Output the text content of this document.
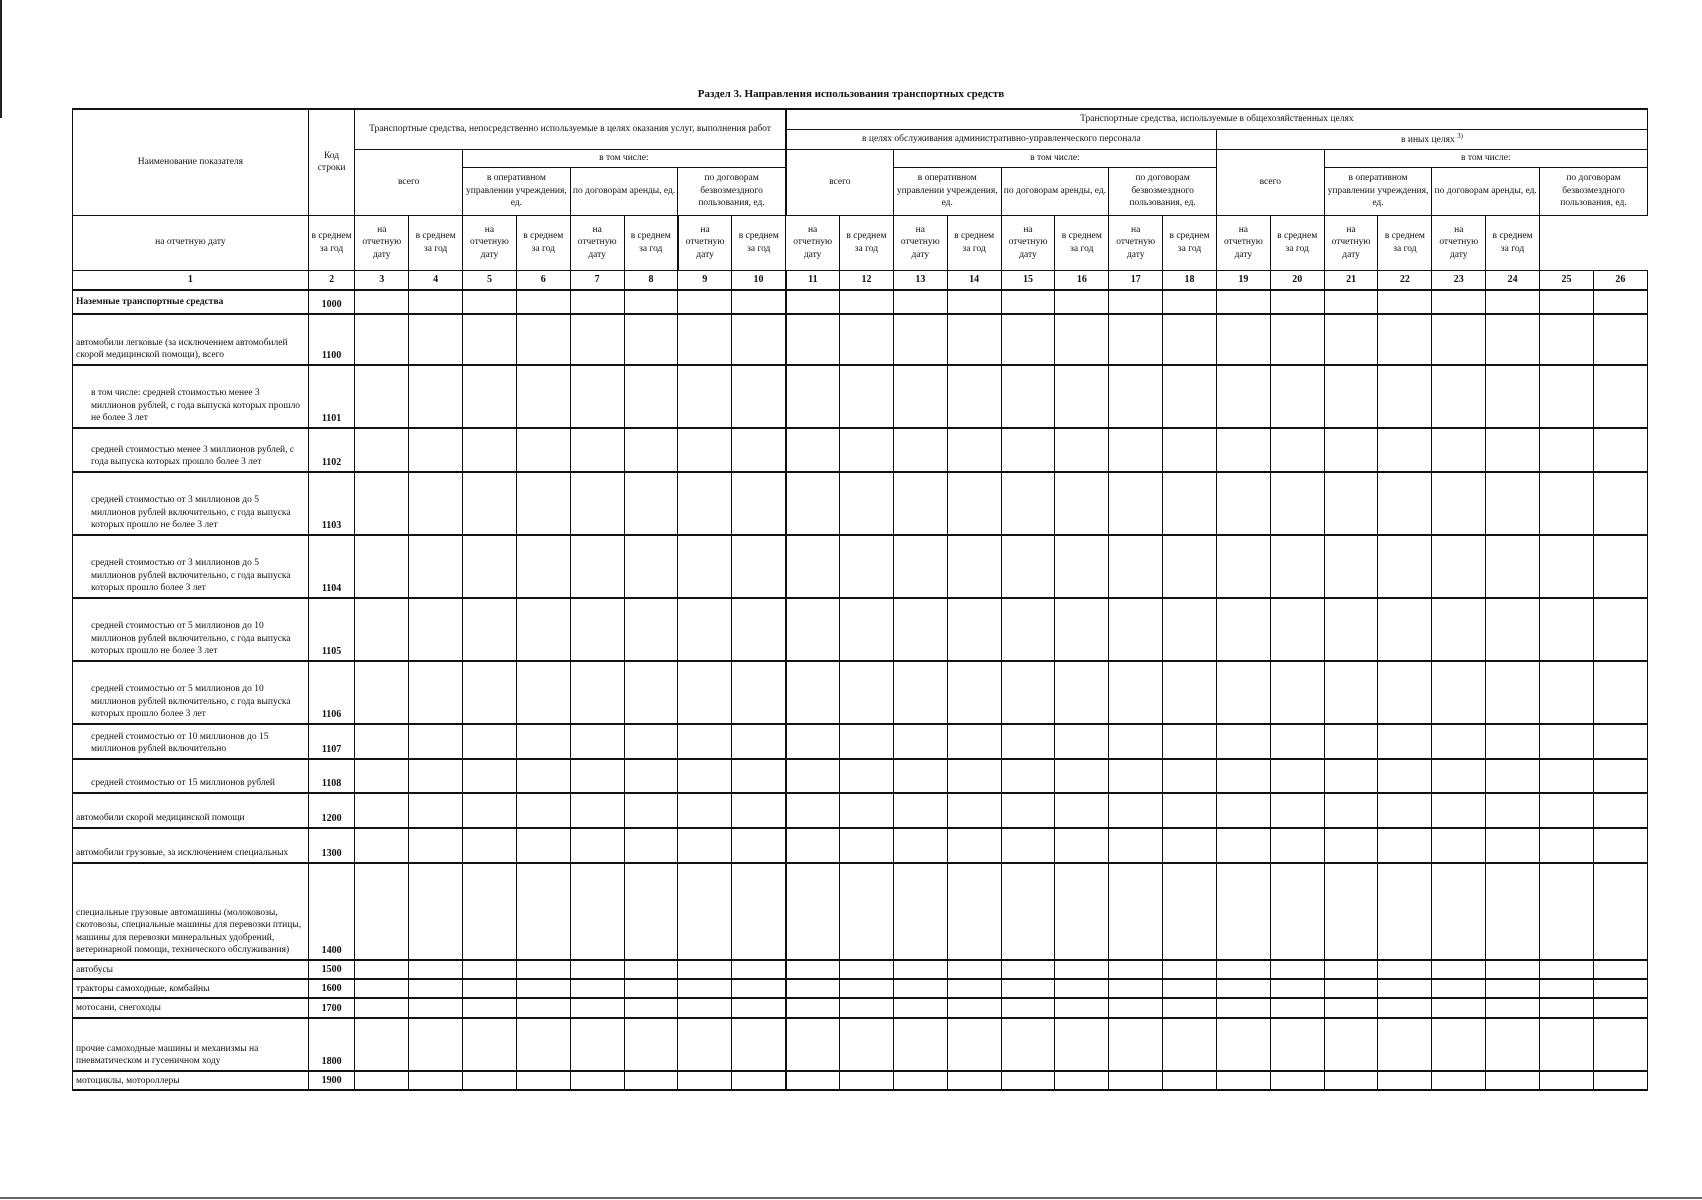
Раздел 3. Направления использования транспортных средств
Наименование показателя	Код строки	Транспортные средства, непосредственно используемые в целях оказания услуг, выполнения работ								Транспортные средства, используемые в общехозяйственных целях															
										в целях обслуживания административно-управленческого персонала								в иных целях $^{3)}$
		всего		в том числе:						всего		в том числе:						всего		в том числе:					
				в оперативном управлении учреждения, ед.		по договорам аренды, ед.		по договорам безвозмездного пользования, ед.				в оперативном управлении учреждения, ед.		по договорам аренды, ед.		по договорам безвозмездного пользования, ед.				в оперативном управлении учреждения, ед.		по договорам аренды, ед.		по договорам безвозмездного пользования, ед.	
на отчетную дату	в среднем за год	на отчетную дату	в среднем за год	на отчетную дату	в среднем за год	на отчетную дату	в среднем за год	на отчетную дату	в среднем за год	на отчетную дату	в среднем за год	на отчетную дату	в среднем за год	на отчетную дату	в среднем за год	на отчетную дату	в среднем за год	на отчетную дату	в среднем за год	на отчетную дату	в среднем за год	на отчетную дату	в среднем за год		
1	2	3	4	5	6	7	8	9	10	11	12	13	14	15	16	17	18	19	20	21	22	23	24	25	26
Наземные транспортные средства	1000																								
автомобили легковые (за исключением автомобилей скорой медицинской помощи), всего	1100																								
в том числе: средней стоимостью менее 3 миллионов рублей, с года выпуска которых прошло не более 3 лет	1101																								
средней стоимостью менее 3 миллионов рублей, с года выпуска которых прошло более 3 лет	1102																								
средней стоимостью от 3 миллионов до 5 миллионов рублей включительно, с года выпуска которых прошло не более 3 лет	1103																								
средней стоимостью от 3 миллионов до 5 миллионов рублей включительно, с года выпуска которых прошло более 3 лет	1104																								
средней стоимостью от 5 миллионов до 10 миллионов рублей включительно, с года выпуска которых прошло не более 3 лет	1105																								
средней стоимостью от 5 миллионов до 10 миллионов рублей включительно, с года выпуска которых прошло более 3 лет	1106																								
средней стоимостью от 10 миллионов до 15 миллионов рублей включительно	1107																								
средней стоимостью от 15 миллионов рублей	1108																								
автомобили скорой медицинской помощи	1200																								
автомобили грузовые, за исключением специальных	1300																								
специальные грузовые автомашины (молоковозы, скотовозы, специальные машины для перевозки птицы, машины для перевозки минеральных удобрений, ветеринарной помощи, технического обслуживания)	1400																								
автобусы	1500																								
тракторы самоходные, комбайны	1600																								
мотосани, снегоходы	1700																								
прочие самоходные машины и механизмы на пневматическом и гусеничном ходу	1800																								
мотоциклы, мотороллеры	1900																								
